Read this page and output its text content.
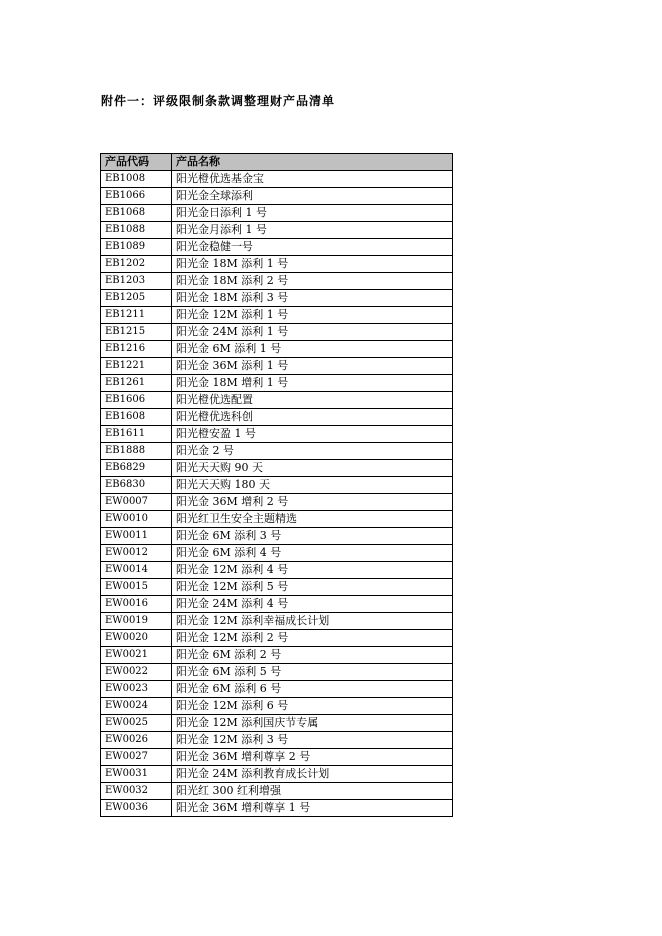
附件一：评级限制条款调整理财产品清单
产品代码	产品名称
EB1008	阳光橙优选基金宝
EB1066	阳光金全球添利
EB1068	阳光金日添利 1 号
EB1088	阳光金月添利 1 号
EB1089	阳光金稳健一号
EB1202	阳光金 18M 添利 1 号
EB1203	阳光金 18M 添利 2 号
EB1205	阳光金 18M 添利 3 号
EB1211	阳光金 12M 添利 1 号
EB1215	阳光金 24M 添利 1 号
EB1216	阳光金 6M 添利 1 号
EB1221	阳光金 36M 添利 1 号
EB1261	阳光金 18M 增利 1 号
EB1606	阳光橙优选配置
EB1608	阳光橙优选科创
EB1611	阳光橙安盈 1 号
EB1888	阳光金 2 号
EB6829	阳光天天购 90 天
EB6830	阳光天天购 180 天
EW0007	阳光金 36M 增利 2 号
EW0010	阳光红卫生安全主题精选
EW0011	阳光金 6M 添利 3 号
EW0012	阳光金 6M 添利 4 号
EW0014	阳光金 12M 添利 4 号
EW0015	阳光金 12M 添利 5 号
EW0016	阳光金 24M 添利 4 号
EW0019	阳光金 12M 添利幸福成长计划
EW0020	阳光金 12M 添利 2 号
EW0021	阳光金 6M 添利 2 号
EW0022	阳光金 6M 添利 5 号
EW0023	阳光金 6M 添利 6 号
EW0024	阳光金 12M 添利 6 号
EW0025	阳光金 12M 添利国庆节专属
EW0026	阳光金 12M 添利 3 号
EW0027	阳光金 36M 增利尊享 2 号
EW0031	阳光金 24M 添利教育成长计划
EW0032	阳光红 300 红利增强
EW0036	阳光金 36M 增利尊享 1 号
